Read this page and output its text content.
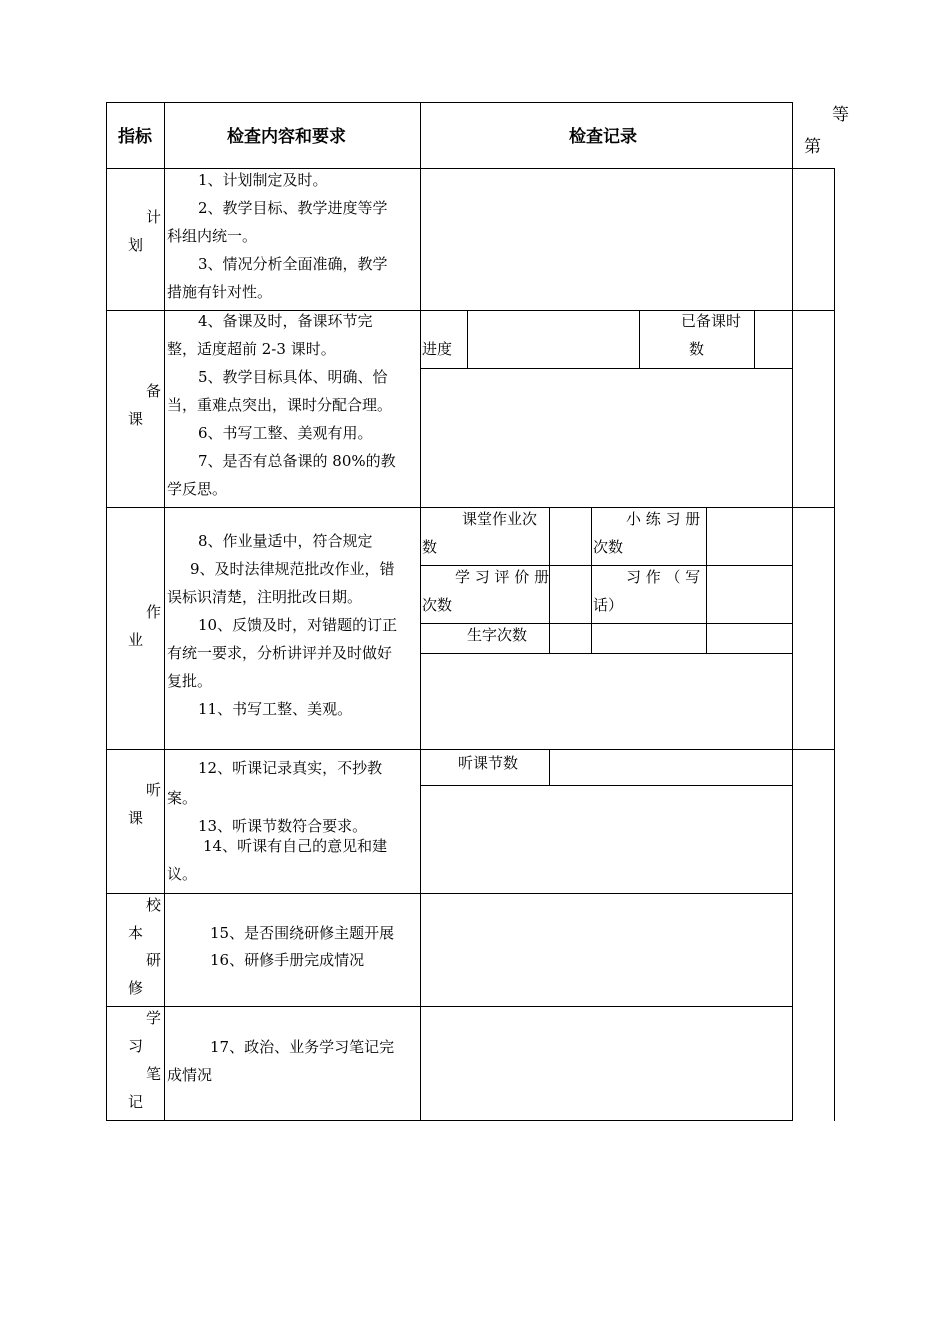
指标	检查内容和要求	检查记录
等
第
计
划
1、计划制定及时。
2、教学目标、教学进度等学
科组内统一。
3、情况分析全面准确，教学
措施有针对性。
备
课
4、备课及时，备课环节完
整，适度超前 2-3 课时。
5、教学目标具体、明确、恰
当，重难点突出，课时分配合理。
6、书写工整、美观有用。
7、是否有总备课的 80%的教
学反思。
进度
已备课时
数
作
业
8、作业量适中，符合规定
9、及时法律规范批改作业，错
误标识清楚，注明批改日期。
10、反馈及时，对错题的订正
有统一要求，分析讲评并及时做好
复批。
11、书写工整、美观。
课堂作业次
数
小 练 习 册
次数
学 习 评 价 册
次数
习 作 （ 写
话）
生字次数
听
课
12、听课记录真实，不抄教
案。
13、听课节数符合要求。
14、听课有自己的意见和建
议。
听课节数
校
本
研
修
15、是否围绕研修主题开展
16、研修手册完成情况
学
习
笔
记
17、政治、业务学习笔记完
成情况
